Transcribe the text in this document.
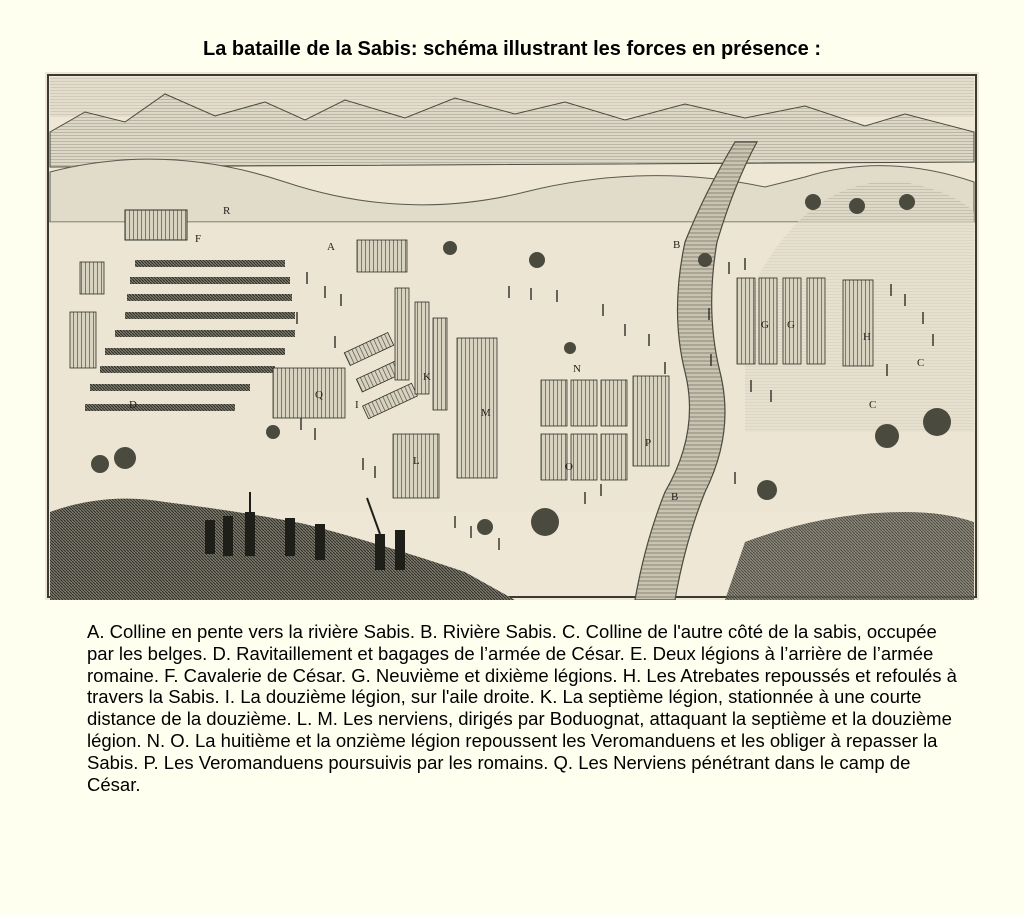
La bataille de la Sabis: schéma illustrant les forces en présence :
A	B
B
C
C
D
F
G G
H
I
K
L
M
N
O
P
Q
R

A. Colline en pente vers la rivière Sabis. B. Rivière Sabis. C. Colline de l'autre côté de la sabis, occupée par les belges. D. Ravitaillement et bagages de l’armée de César. E. Deux légions à l’arrière de l’armée romaine. F. Cavalerie de César. G. Neuvième et dixième légions. H. Les Atrebates repoussés et refoulés à travers la Sabis. I. La douzième légion, sur l'aile droite. K. La septième légion, stationnée à une courte distance de la douzième. L. M. Les nerviens, dirigés par Boduognat, attaquant la septième et la douzième légion. N. O. La huitième et la onzième légion repoussent les Veromanduens et les obliger à repasser la Sabis. P. Les Veromanduens poursuivis par les romains. Q. Les Nerviens pénétrant dans le camp de César.
